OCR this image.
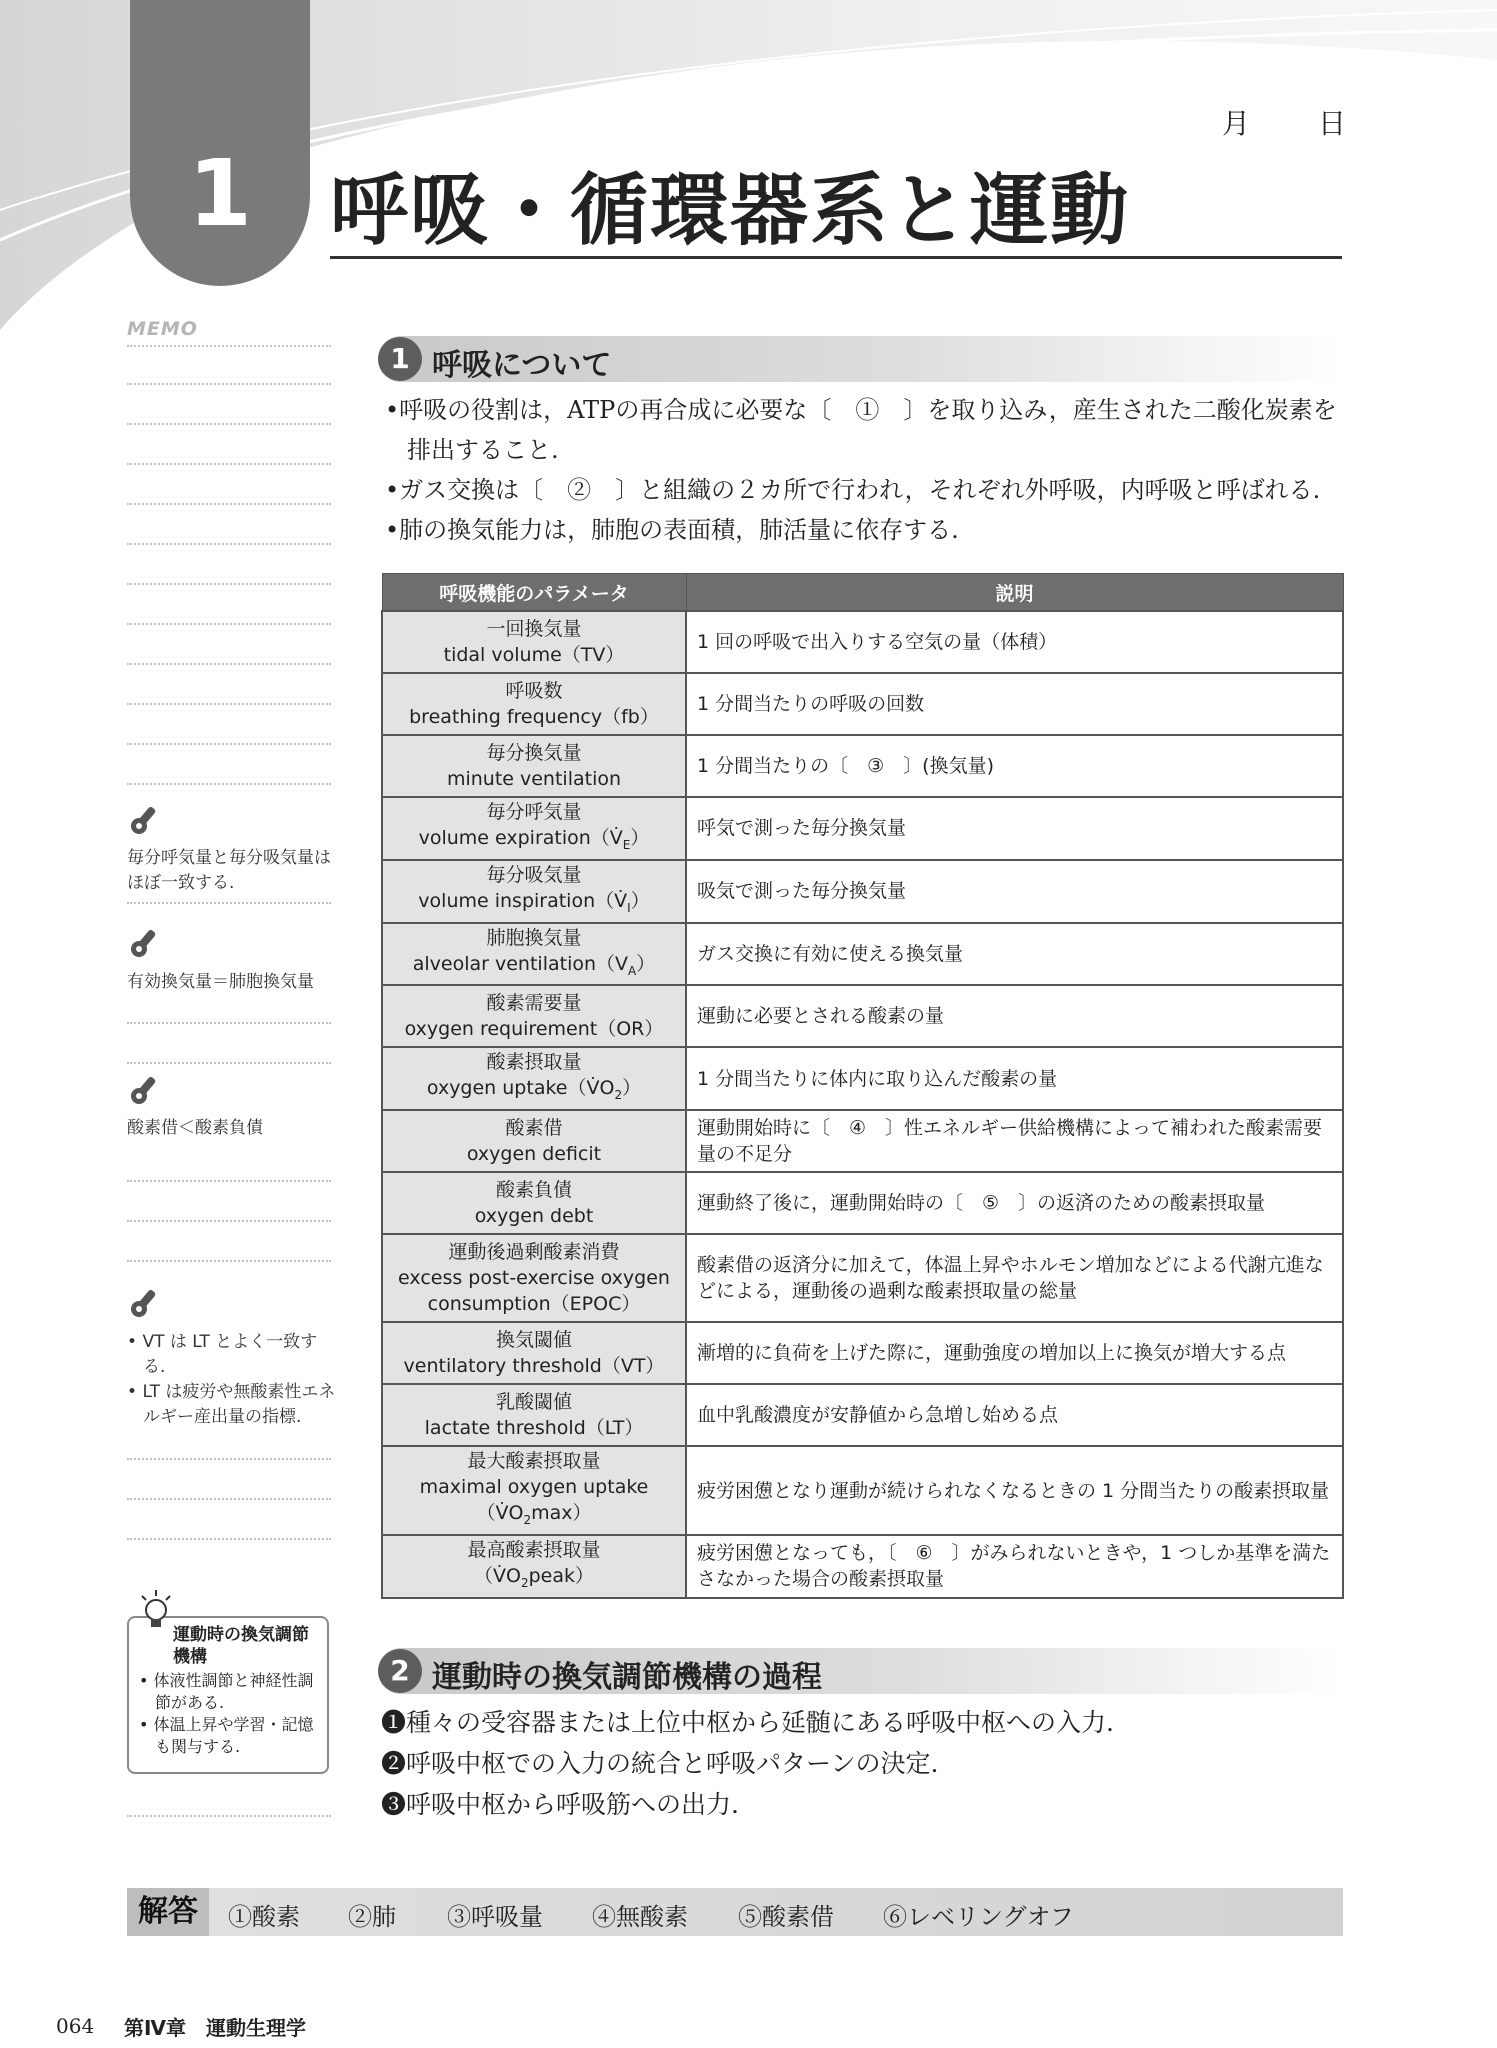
1
月 日
呼吸・循環器系と運動
MEMO
毎分呼気量と毎分吸気量はほぼ一致する.
有効換気量＝肺胞換気量
酸素借＜酸素負債
• VT は LT とよく一致する.
• LT は疲労や無酸素性エネルギー産出量の指標.
運動時の換気調節機構
• 体液性調節と神経性調節がある.
• 体温上昇や学習・記憶も関与する.
1 呼吸について
•呼吸の役割は，ATPの再合成に必要な〔　①　〕を取り込み，産生された二酸化炭素を排出すること.
•ガス交換は〔　②　〕と組織の２カ所で行われ，それぞれ外呼吸，内呼吸と呼ばれる.
•肺の換気能力は，肺胞の表面積，肺活量に依存する.
呼吸機能のパラメータ	説明
一回換気量
tidal volume（TV）	1 回の呼吸で出入りする空気の量（体積）
呼吸数
breathing frequency（fb）	1 分間当たりの呼吸の回数
毎分換気量
minute ventilation	1 分間当たりの〔　③　〕(換気量)
毎分呼気量
volume $expiration(V̇_E)$	呼気で測った毎分換気量
毎分吸気量
volume $inspiration(V̇_I)$	吸気で測った毎分換気量
肺胞換気量
alveolar $ventilation(V_A)$	ガス交換に有効に使える換気量
酸素需要量
oxygen requirement（OR）	運動に必要とされる酸素の量
酸素摂取量
oxygen $uptake(V̇O_2)$	1 分間当たりに体内に取り込んだ酸素の量
酸素借
oxygen deficit	運動開始時に〔　④　〕性エネルギー供給機構によって補われた酸素需要量の不足分
酸素負債
oxygen debt	運動終了後に，運動開始時の〔　⑤　〕の返済のための酸素摂取量
運動後過剰酸素消費
excess post-exercise oxygen consumption（EPOC）	酸素借の返済分に加えて，体温上昇やホルモン増加などによる代謝亢進などによる，運動後の過剰な酸素摂取量の総量
換気閾値
ventilatory threshold（VT）	漸増的に負荷を上げた際に，運動強度の増加以上に換気が増大する点
乳酸閾値
lactate threshold（LT）	血中乳酸濃度が安静値から急増し始める点
最大酸素摂取量
maximal oxygen uptake
$(V̇O_2\max)$	疲労困憊となり運動が続けられなくなるときの 1 分間当たりの酸素摂取量
最高酸素摂取量
$(V̇O_2peak)$	疲労困憊となっても，〔　⑥　〕がみられないときや，1 つしか基準を満たさなかった場合の酸素摂取量
2 運動時の換気調節機構の過程
❶種々の受容器または上位中枢から延髄にある呼吸中枢への入力.
❷呼吸中枢での入力の統合と呼吸パターンの決定.
❸呼吸中枢から呼吸筋への出力.
解答	①酸素 ②肺 ③呼吸量 ④無酸素 ⑤酸素借 ⑥レベリングオフ
064 第Ⅳ章　運動生理学
